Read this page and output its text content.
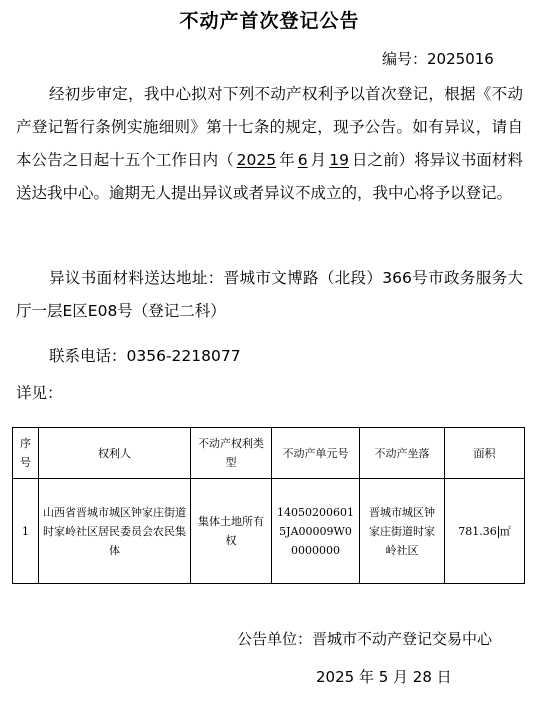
不动产首次登记公告
编号：2025016
经初步审定，我中心拟对下列不动产权利予以首次登记，根据《不动产登记暂行条例实施细则》第十七条的规定，现予公告。如有异议，请自本公告之日起十五个工作日内（ 2025 年 6 月 19 日之前）将异议书面材料送达我中心。逾期无人提出异议或者异议不成立的，我中心将予以登记。
异议书面材料送达地址：晋城市文博路（北段）366号市政务服务大厅一层E区E08号（登记二科）
联系电话：0356-2218077
详见：
序号	权利人	不动产权利类型	不动产单元号	不动产坐落	面积
1	山西省晋城市城区钟家庄街道时家岭社区居民委员会农民集体	集体土地所有权	140502006015JA00009W00000000	晋城市城区钟家庄街道时家岭社区	781.36 ㎡
公告单位：晋城市不动产登记交易中心
2025 年 5 月 28 日
